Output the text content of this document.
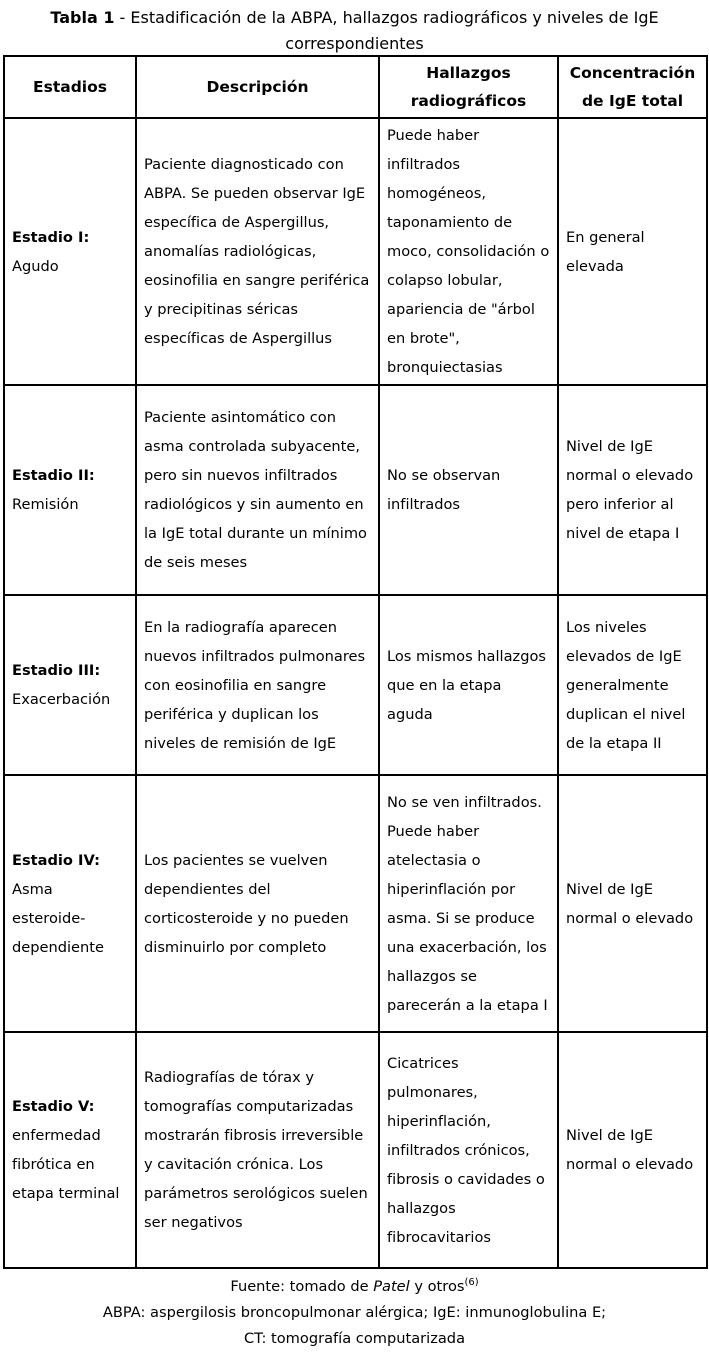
Tabla 1 - Estadificación de la ABPA, hallazgos radiográficos y niveles de IgE
correspondientes
Estadios	Descripción	Hallazgos radiográficos	Concentración de IgE total

Estadio I:
Agudo	Paciente diagnosticado con ABPA. Se pueden observar IgE específica de Aspergillus, anomalías radiológicas, eosinofilia en sangre periférica y precipitinas séricas específicas de Aspergillus	Puede haber infiltrados homogéneos, taponamiento de moco, consolidación o colapso lobular, apariencia de "árbol en brote", bronquiectasias	En general elevada

Estadio II:
Remisión	Paciente asintomático con asma controlada subyacente, pero sin nuevos infiltrados radiológicos y sin aumento en la IgE total durante un mínimo de seis meses	No se observan infiltrados	Nivel de IgE normal o elevado pero inferior al nivel de etapa I

Estadio III:
Exacerbación	En la radiografía aparecen nuevos infiltrados pulmonares con eosinofilia en sangre periférica y duplican los niveles de remisión de IgE	Los mismos hallazgos que en la etapa aguda	Los niveles elevados de IgE generalmente duplican el nivel de la etapa II

Estadio IV:
Asma esteroide-dependiente	Los pacientes se vuelven dependientes del corticosteroide y no pueden disminuirlo por completo	No se ven infiltrados. Puede haber atelectasia o hiperinflación por asma. Si se produce una exacerbación, los hallazgos se parecerán a la etapa I	Nivel de IgE normal o elevado

Estadio V:
enfermedad fibrótica en etapa terminal	Radiografías de tórax y tomografías computarizadas mostrarán fibrosis irreversible y cavitación crónica. Los parámetros serológicos suelen ser negativos	Cicatrices pulmonares, hiperinflación, infiltrados crónicos, fibrosis o cavidades o hallazgos fibrocavitarios	Nivel de IgE normal o elevado
Fuente: tomado de Patel y otros$^{(6)}$
ABPA: aspergilosis broncopulmonar alérgica; IgE: inmunoglobulina E;
CT: tomografía computarizada
